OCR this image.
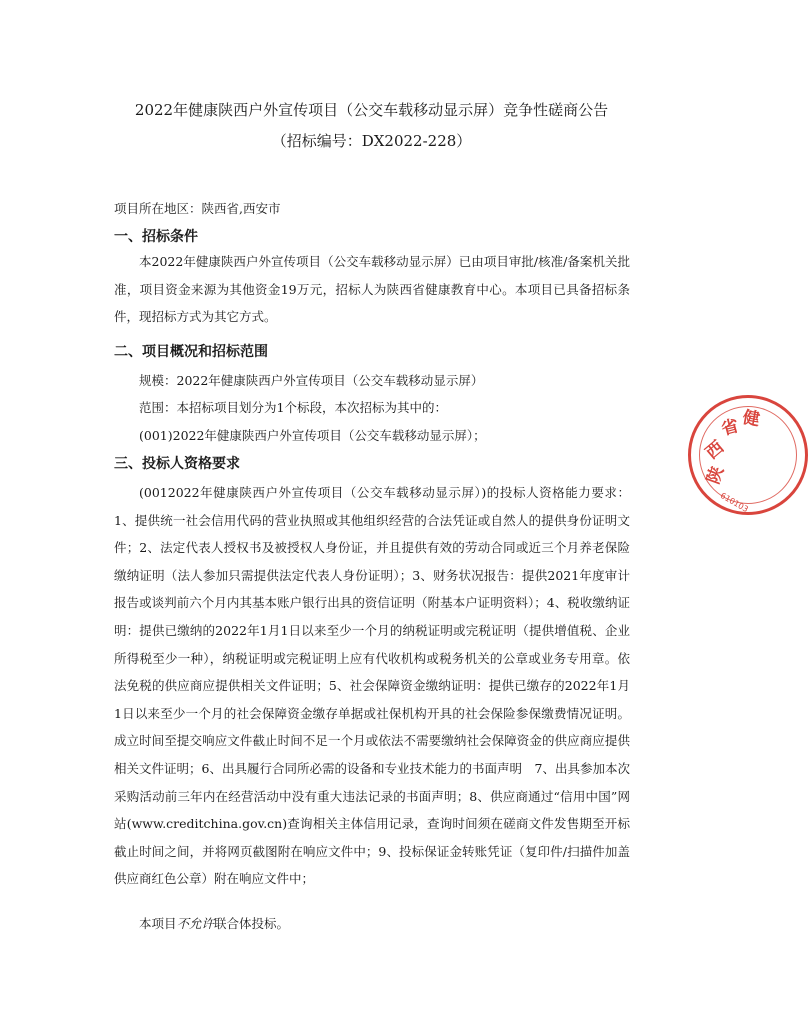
2022年健康陕西户外宣传项目（公交车载移动显示屏）竞争性磋商公告
（招标编号：DX2022-228）
项目所在地区：陕西省,西安市
一、招标条件
本2022年健康陕西户外宣传项目（公交车载移动显示屏）已由项目审批/核准/备案机关批准，项目资金来源为其他资金19万元，招标人为陕西省健康教育中心。本项目已具备招标条件，现招标方式为其它方式。
二、项目概况和招标范围
规模：2022年健康陕西户外宣传项目（公交车载移动显示屏）
范围：本招标项目划分为1个标段，本次招标为其中的：
(001)2022年健康陕西户外宣传项目（公交车载移动显示屏）；
三、投标人资格要求
(0012022年健康陕西户外宣传项目（公交车载移动显示屏）)的投标人资格能力要求：1、提供统一社会信用代码的营业执照或其他组织经营的合法凭证或自然人的提供身份证明文件；2、法定代表人授权书及被授权人身份证，并且提供有效的劳动合同或近三个月养老保险缴纳证明（法人参加只需提供法定代表人身份证明）；3、财务状况报告：提供2021年度审计报告或谈判前六个月内其基本账户银行出具的资信证明（附基本户证明资料）；4、税收缴纳证明：提供已缴纳的2022年1月1日以来至少一个月的纳税证明或完税证明（提供增值税、企业所得税至少一种），纳税证明或完税证明上应有代收机构或税务机关的公章或业务专用章。依法免税的供应商应提供相关文件证明；5、社会保障资金缴纳证明：提供已缴存的2022年1月1日以来至少一个月的社会保障资金缴存单据或社保机构开具的社会保险参保缴费情况证明。成立时间至提交响应文件截止时间不足一个月或依法不需要缴纳社会保障资金的供应商应提供相关文件证明；6、出具履行合同所必需的设备和专业技术能力的书面声明　7、出具参加本次采购活动前三年内在经营活动中没有重大违法记录的书面声明；8、供应商通过“信用中国”网站(www.creditchina.gov.cn)查询相关主体信用记录，查询时间须在磋商文件发售期至开标截止时间之间，并将网页截图附在响应文件中；9、投标保证金转账凭证（复印件/扫描件加盖供应商红色公章）附在响应文件中；
本项目不允许联合体投标。
陕
西
省 健
610103
